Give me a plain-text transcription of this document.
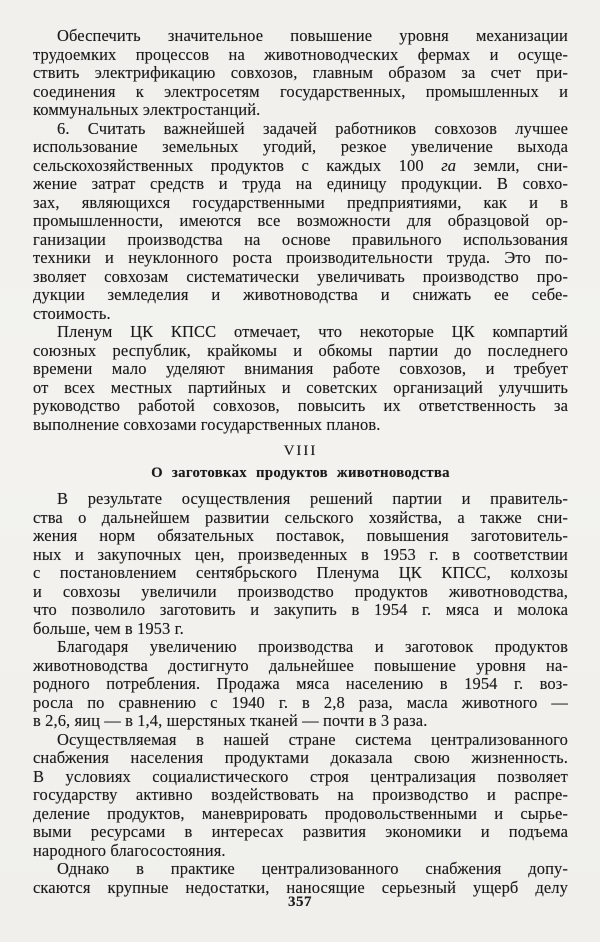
Обеспечить значительное повышение уровня механизации
трудоемких процессов на животноводческих фермах и осуще-
ствить электрификацию совхозов, главным образом за счет при-
соединения к электросетям государственных, промышленных и
коммунальных электростанций.
6. Считать важнейшей задачей работников совхозов лучшее
использование земельных угодий, резкое увеличение выхода
сельскохозяйственных продуктов с каждых 100 га земли, сни-
жение затрат средств и труда на единицу продукции. В совхо-
зах, являющихся государственными предприятиями, как и в
промышленности, имеются все возможности для образцовой ор-
ганизации производства на основе правильного использования
техники и неуклонного роста производительности труда. Это по-
зволяет совхозам систематически увеличивать производство про-
дукции земледелия и животноводства и снижать ее себе-
стоимость.
Пленум ЦК КПСС отмечает, что некоторые ЦК компартий
союзных республик, крайкомы и обкомы партии до последнего
времени мало уделяют внимания работе совхозов, и требует
от всех местных партийных и советских организаций улучшить
руководство работой совхозов, повысить их ответственность за
выполнение совхозами государственных планов.
VIII
О заготовках продуктов животноводства
В результате осуществления решений партии и правитель-
ства о дальнейшем развитии сельского хозяйства, а также сни-
жения норм обязательных поставок, повышения заготовитель-
ных и закупочных цен, произведенных в 1953 г. в соответствии
с постановлением сентябрьского Пленума ЦК КПСС, колхозы
и совхозы увеличили производство продуктов животноводства,
что позволило заготовить и закупить в 1954 г. мяса и молока
больше, чем в 1953 г.
Благодаря увеличению производства и заготовок продуктов
животноводства достигнуто дальнейшее повышение уровня на-
родного потребления. Продажа мяса населению в 1954 г. воз-
росла по сравнению с 1940 г. в 2,8 раза, масла животного —
в 2,6, яиц — в 1,4, шерстяных тканей — почти в 3 раза.
Осуществляемая в нашей стране система централизованного
снабжения населения продуктами доказала свою жизненность.
В условиях социалистического строя централизация позволяет
государству активно воздействовать на производство и распре-
деление продуктов, маневрировать продовольственными и сырье-
выми ресурсами в интересах развития экономики и подъема
народного благосостояния.
Однако в практике централизованного снабжения допу-
скаются крупные недостатки, наносящие серьезный ущерб делу
357
